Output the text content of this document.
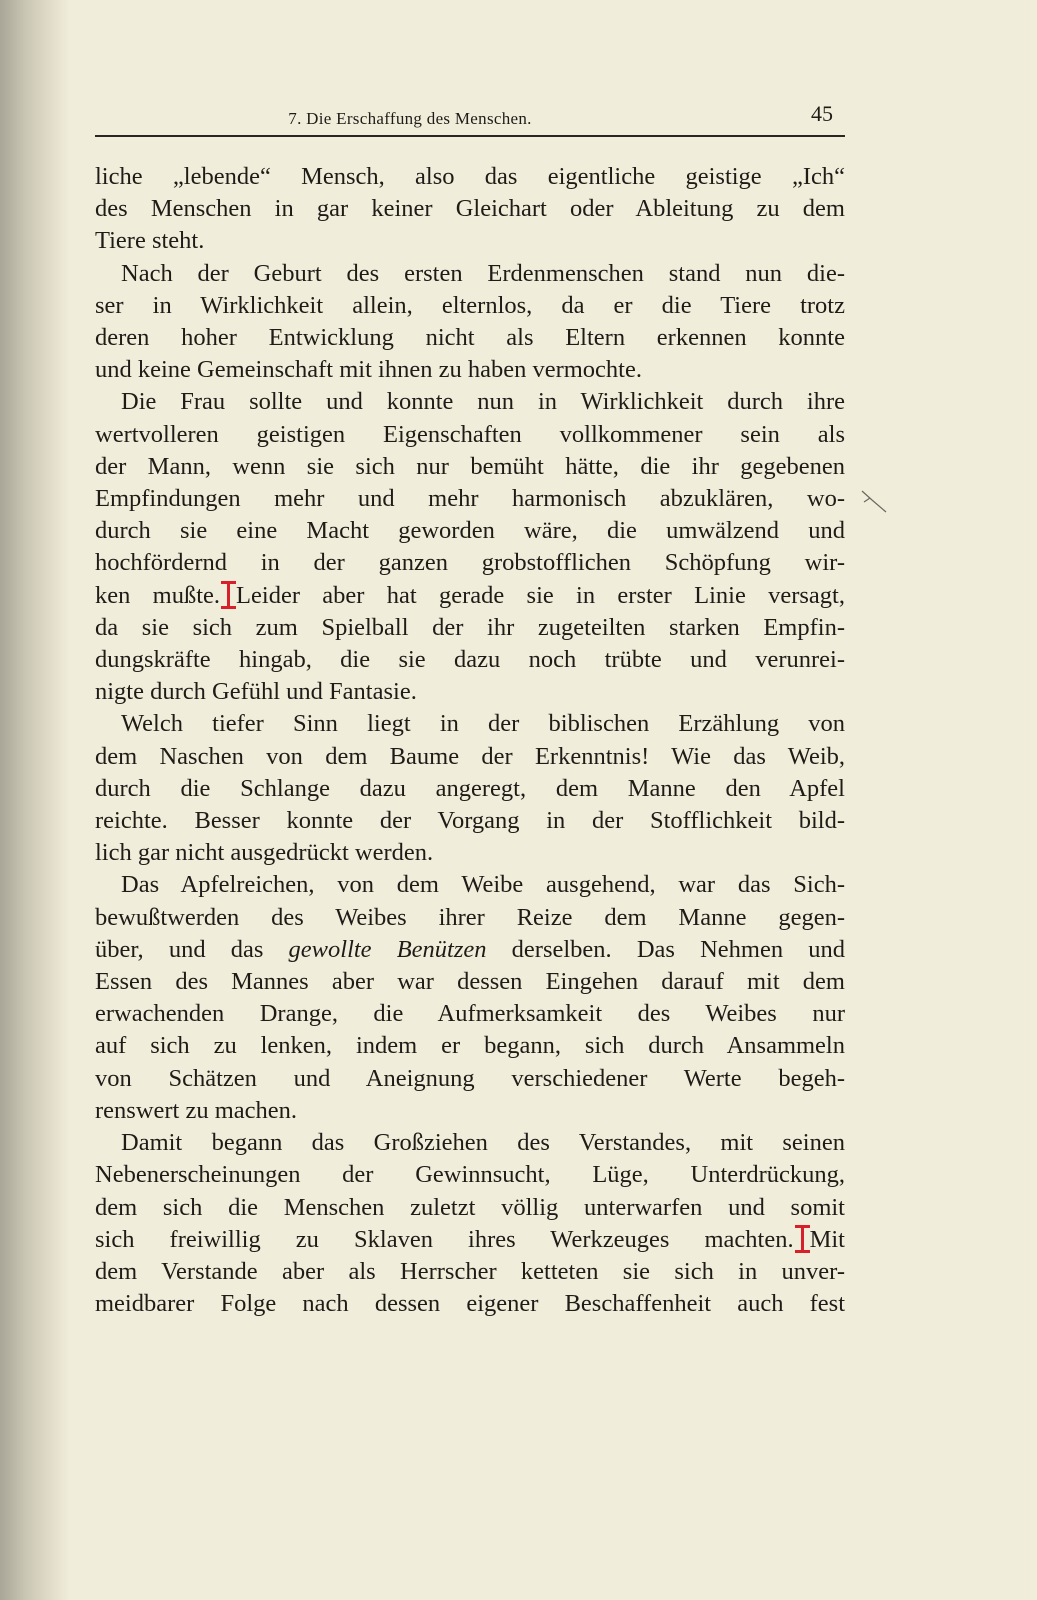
7. Die Erschaffung des Menschen.	45

liche „lebende“ Mensch, also das eigentliche geistige „Ich“
des Menschen in gar keiner Gleichart oder Ableitung zu dem
Tiere steht.

Nach der Geburt des ersten Erdenmenschen stand nun die-

ser in Wirklichkeit allein, elternlos, da er die Tiere trotz
deren hoher Entwicklung nicht als Eltern erkennen konnte
und keine Gemeinschaft mit ihnen zu haben vermochte.

Die Frau sollte und konnte nun in Wirklichkeit durch ihre

wertvolleren geistigen Eigenschaften vollkommener sein als
der Mann, wenn sie sich nur bemüht hätte, die ihr gegebenen
Empfindungen mehr und mehr harmonisch abzuklären, wo-
durch sie eine Macht geworden wäre, die umwälzend und
hochfördernd in der ganzen grobstofflichen Schöpfung wir-
ken mußte. Leider aber hat gerade sie in erster Linie versagt,
da sie sich zum Spielball der ihr zugeteilten starken Empfin-
dungskräfte hingab, die sie dazu noch trübte und verunrei-
nigte durch Gefühl und Fantasie.

Welch tiefer Sinn liegt in der biblischen Erzählung von

dem Naschen von dem Baume der Erkenntnis! Wie das Weib,
durch die Schlange dazu angeregt, dem Manne den Apfel
reichte. Besser konnte der Vorgang in der Stofflichkeit bild-
lich gar nicht ausgedrückt werden.

Das Apfelreichen, von dem Weibe ausgehend, war das Sich-

bewußtwerden des Weibes ihrer Reize dem Manne gegen-
über, und das gewollte Benützen derselben. Das Nehmen und
Essen des Mannes aber war dessen Eingehen darauf mit dem
erwachenden Drange, die Aufmerksamkeit des Weibes nur
auf sich zu lenken, indem er begann, sich durch Ansammeln
von Schätzen und Aneignung verschiedener Werte begeh-
renswert zu machen.

Damit begann das Großziehen des Verstandes, mit seinen

Nebenerscheinungen der Gewinnsucht, Lüge, Unterdrückung,
dem sich die Menschen zuletzt völlig unterwarfen und somit
sich freiwillig zu Sklaven ihres Werkzeuges machten. Mit
dem Verstande aber als Herrscher ketteten sie sich in unver-
meidbarer Folge nach dessen eigener Beschaffenheit auch fest
